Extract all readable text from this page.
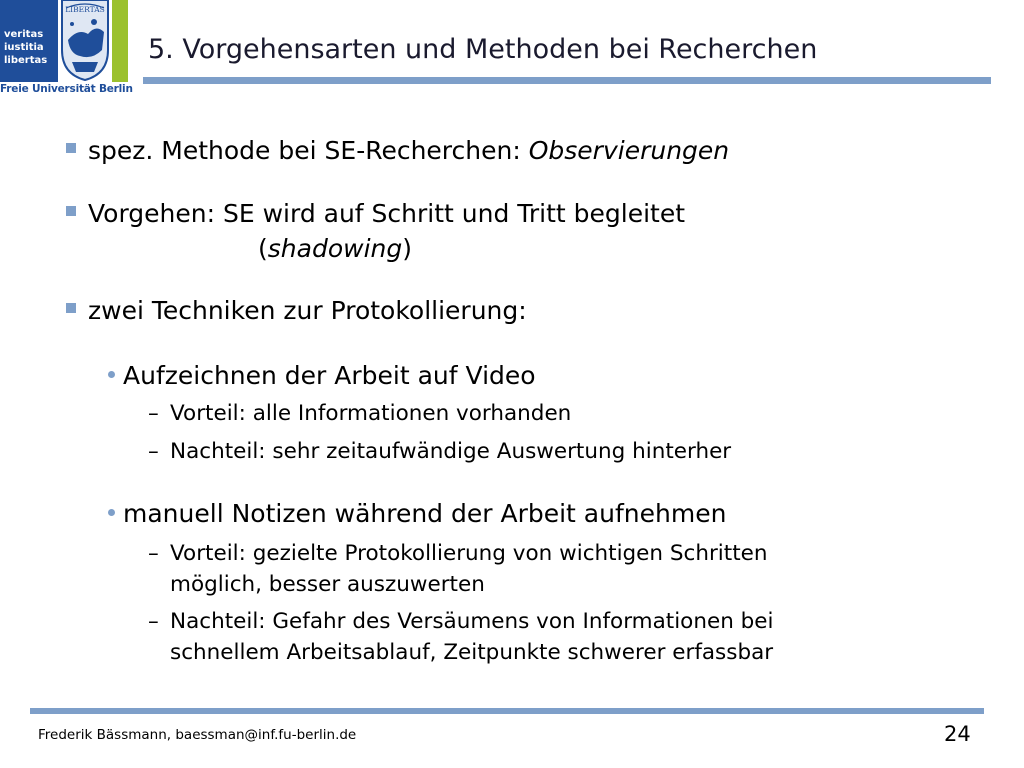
veritas
iustitia
libertas
LIBERTAS
Freie Universität Berlin
5. Vorgehensarten und Methoden bei Recherchen
spez. Methode bei SE-Recherchen: Observierungen
Vorgehen: SE wird auf Schritt und Tritt begleitet
(shadowing)
zwei Techniken zur Protokollierung:
Aufzeichnen der Arbeit auf Video
– Vorteil: alle Informationen vorhanden
– Nachteil: sehr zeitaufwändige Auswertung hinterher
manuell Notizen während der Arbeit aufnehmen
– Vorteil: gezielte Protokollierung von wichtigen Schritten
möglich, besser auszuwerten
– Nachteil: Gefahr des Versäumens von Informationen bei
schnellem Arbeitsablauf, Zeitpunkte schwerer erfassbar
Frederik Bässmann, baessman@inf.fu-berlin.de	24
